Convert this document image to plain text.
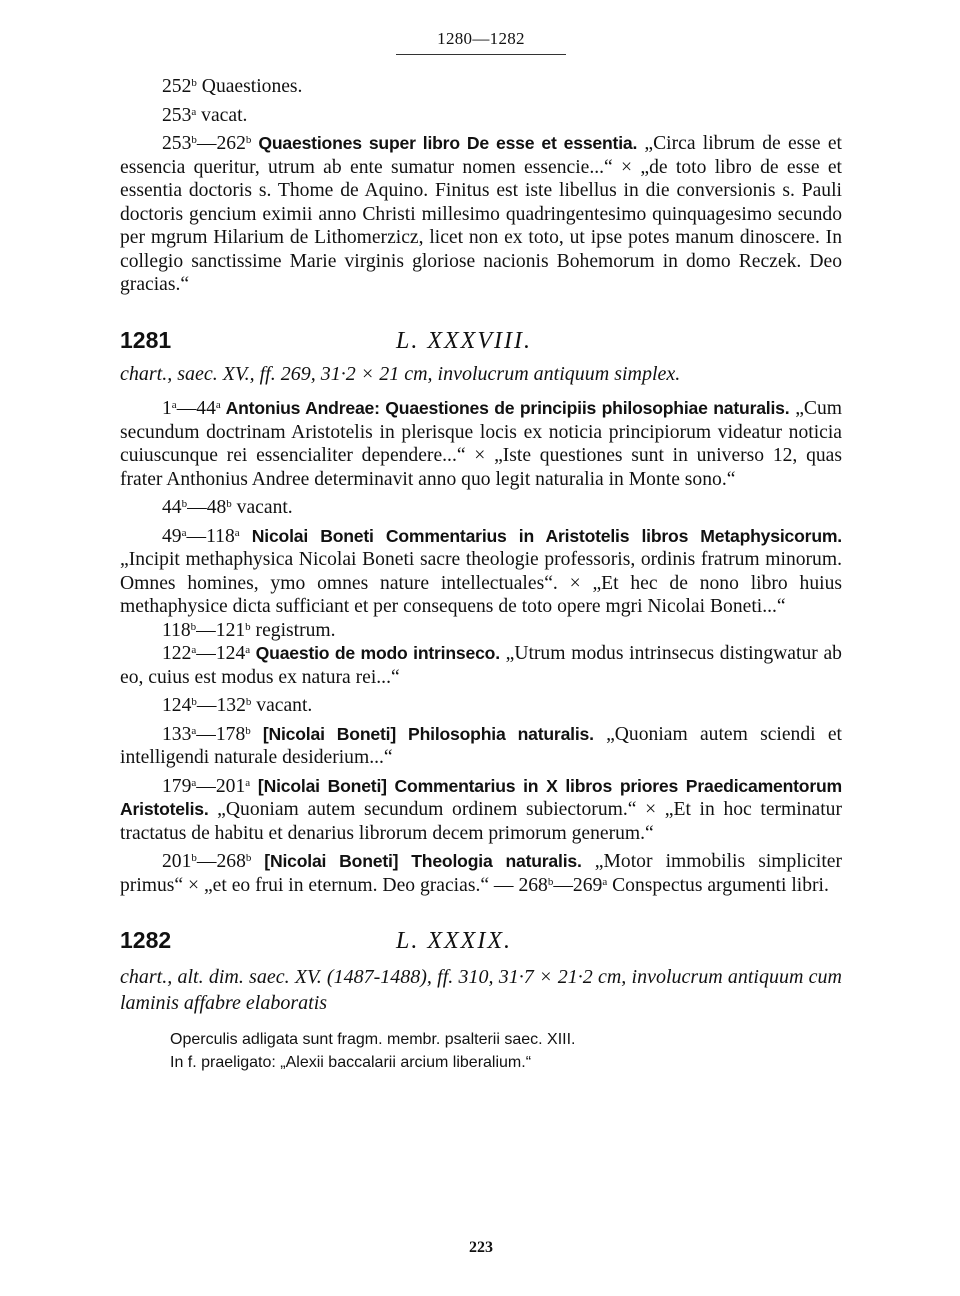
1280—1282

252$^b$ Quaestiones.

253$^a$ vacat.

253$^b$—262$^b$ Quaestiones super libro De esse et essentia. „Circa librum de esse et essencia queritur, utrum ab ente sumatur nomen essencie...“ × „de toto libro de esse et essentia doctoris s. Thome de Aquino. Finitus est iste libellus in die conversionis s. Pauli doctoris gencium eximii anno Christi millesimo quadringentesimo quinquagesimo secundo per mgrum Hilarium de Lithomerzicz, licet non ex toto, ut ipse potes manum dinoscere. In collegio sanctissime Marie virginis gloriose nacionis Bohemorum in domo Reczek. Deo gracias.“

1281	L. XXXVIII.

chart., saec. XV., ff. 269, 31·2 × 21 cm, involucrum antiquum simplex.

1$^a$—44$^a$ Antonius Andreae: Quaestiones de principiis philosophiae naturalis. „Cum secundum doctrinam Aristotelis in plerisque locis ex noticia principiorum videatur noticia cuiuscunque rei essencialiter dependere...“ × „Iste questiones sunt in universo 12, quas frater Anthonius Andree determinavit anno quo legit naturalia in Monte sono.“

44$^b$—48$^b$ vacant.

49$^a$—118$^a$ Nicolai Boneti Commentarius in Aristotelis libros Metaphysicorum. „Incipit methaphysica Nicolai Boneti sacre theologie professoris, ordinis fratrum minorum. Omnes homines, ymo omnes nature intellectuales“. × „Et hec de nono libro huius methaphysice dicta sufficiant et per consequens de toto opere mgri Nicolai Boneti...“

118$^b$—121$^b$ registrum.

122$^a$—124$^a$ Quaestio de modo intrinseco. „Utrum modus intrinsecus distingwatur ab eo, cuius est modus ex natura rei...“

124$^b$—132$^b$ vacant.

133$^a$—178$^b$ [Nicolai Boneti] Philosophia naturalis. „Quoniam autem sciendi et intelligendi naturale desiderium...“

179$^a$—201$^a$ [Nicolai Boneti] Commentarius in X libros priores Praedicamentorum Aristotelis. „Quoniam autem secundum ordinem subiectorum.“ × „Et in hoc terminatur tractatus de habitu et denarius librorum decem primorum generum.“

201$^b$—268$^b$ [Nicolai Boneti] Theologia naturalis. „Motor immobilis simpliciter primus“ × „et eo frui in eternum. Deo gracias.“ — 268$^b$—269$^a$ Conspectus argumenti libri.

1282	L. XXXIX.

chart., alt. dim. saec. XV. (1487-1488), ff. 310, 31·7 × 21·2 cm, involucrum antiquum cum laminis affabre elaboratis

Operculis adligata sunt fragm. membr. psalterii saec. XIII.

In f. praeligato: „Alexii baccalarii arcium liberalium.“

223
